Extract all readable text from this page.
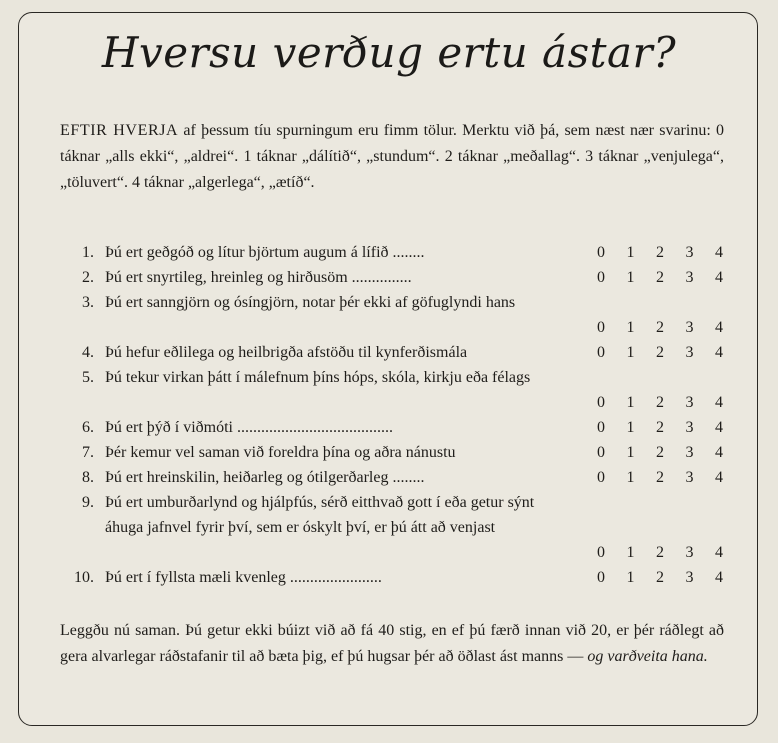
Hversu verðug ertu ástar?
EFTIR HVERJA af þessum tíu spurningum eru fimm tölur. Merktu við þá, sem næst nær svarinu: 0 táknar „alls ekki“, „aldrei“. 1 táknar „dálítið“, „stundum“. 2 táknar „meðallag“. 3 táknar „venjulega“, „töluvert“. 4 táknar „algerlega“, „ætíð“.
1. Þú ert geðgóð og lítur björtum augum á lífið ........	0 1 2 3 4
2. Þú ert snyrtileg, hreinleg og hirðusöm ...............	0 1 2 3 4
3. Þú ert sanngjörn og ósíngjörn, notar þér ekki af göfuglyndi hans
0 1 2 3 4
4. Þú hefur eðlilega og heilbrigða afstöðu til kynferðismála	0 1 2 3 4
5. Þú tekur virkan þátt í málefnum þíns hóps, skóla, kirkju eða félags
0 1 2 3 4
6. Þú ert þýð í viðmóti .......................................	0 1 2 3 4
7. Þér kemur vel saman við foreldra þína og aðra nánustu	0 1 2 3 4
8. Þú ert hreinskilin, heiðarleg og ótilgerðarleg ........	0 1 2 3 4
9. Þú ert umburðarlynd og hjálpfús, sérð eitthvað gott í eða getur sýnt
áhuga jafnvel fyrir því, sem er óskylt því, er þú átt að venjast
0 1 2 3 4
10. Þú ert í fyllsta mæli kvenleg .......................	0 1 2 3 4
Leggðu nú saman. Þú getur ekki búizt við að fá 40 stig, en ef þú færð innan við 20, er þér ráðlegt að gera alvarlegar ráðstafanir til að bæta þig, ef þú hugsar þér að öðlast ást manns — og varðveita hana.
